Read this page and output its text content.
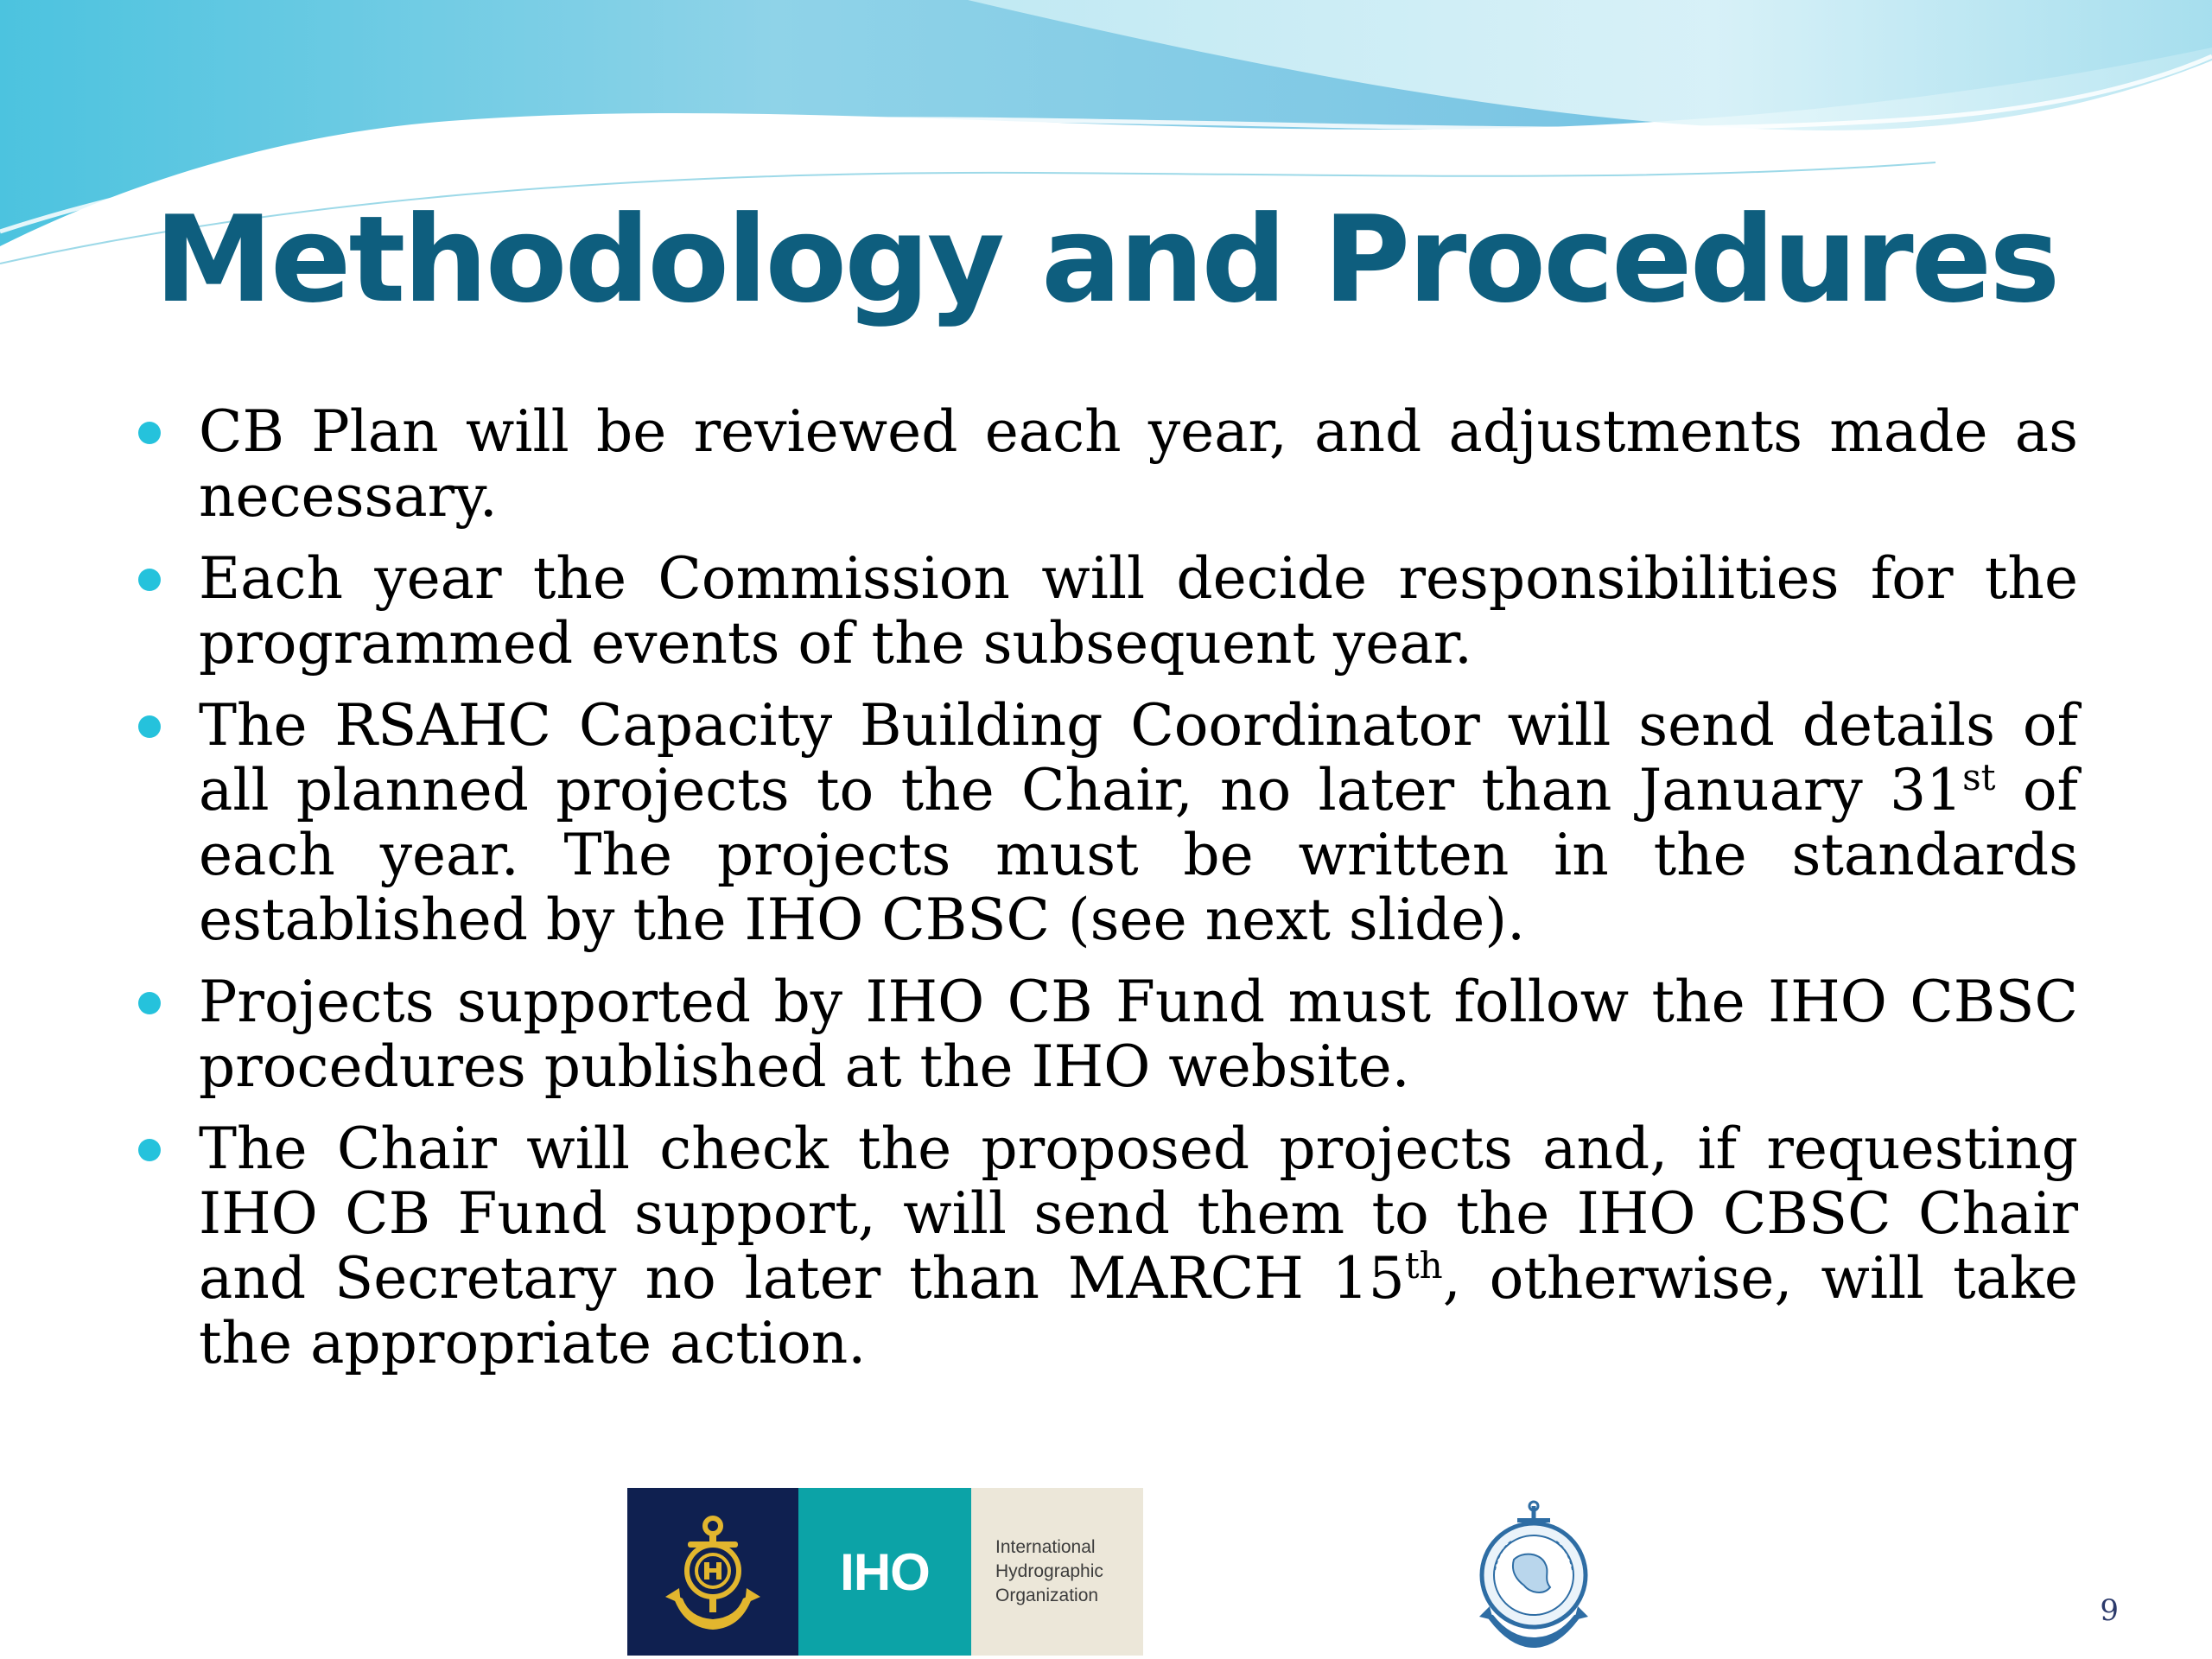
Methodology and Procedures
CB Plan will be reviewed each year, and adjustments made as necessary.
Each year the Commission will decide responsibilities for the programmed events of the subsequent year.
The RSAHC Capacity Building Coordinator will send details of all planned projects to the Chair, no later than January 31st of each year. The projects must be written in the standards established by the IHO CBSC (see next slide).
Projects supported by IHO CB Fund must follow the IHO CBSC procedures published at the IHO website.
The Chair will check the proposed projects and, if requesting IHO CB Fund support, will send them to the IHO CBSC Chair and Secretary no later than MARCH 15th, otherwise, will take the appropriate action.
IHO	International
Hydrographic
Organization	9
